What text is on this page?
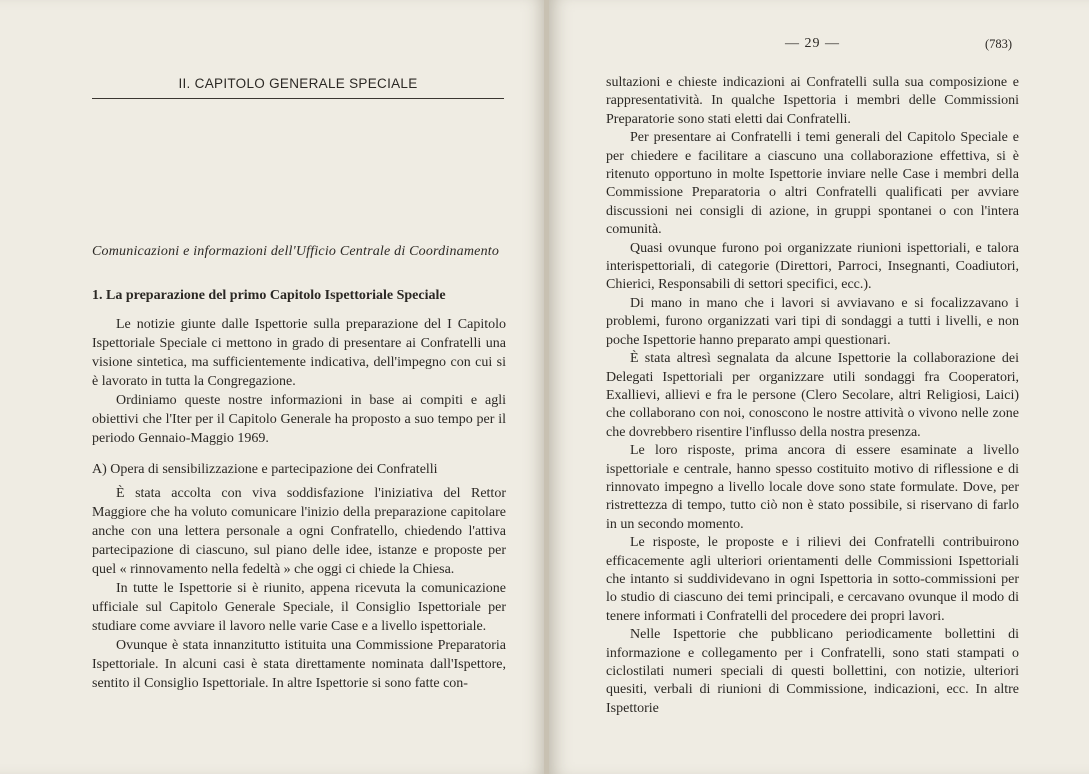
II. CAPITOLO GENERALE SPECIALE
Comunicazioni e informazioni dell'Ufficio Centrale di Coordinamento
1. La preparazione del primo Capitolo Ispettoriale Speciale

Le notizie giunte dalle Ispettorie sulla preparazione del I Capitolo Ispettoriale Speciale ci mettono in grado di presentare ai Confratelli una visione sintetica, ma sufficientemente indicativa, dell'impegno con cui si è lavorato in tutta la Congregazione.

Ordiniamo queste nostre informazioni in base ai compiti e agli obiettivi che l'Iter per il Capitolo Generale ha proposto a suo tempo per il periodo Gennaio-Maggio 1969.

A) Opera di sensibilizzazione e partecipazione dei Confratelli

È stata accolta con viva soddisfazione l'iniziativa del Rettor Maggiore che ha voluto comunicare l'inizio della preparazione capitolare anche con una lettera personale a ogni Confratello, chiedendo l'attiva partecipazione di ciascuno, sul piano delle idee, istanze e proposte per quel « rinnovamento nella fedeltà » che oggi ci chiede la Chiesa.

In tutte le Ispettorie si è riunito, appena ricevuta la comunicazione ufficiale sul Capitolo Generale Speciale, il Consiglio Ispettoriale per studiare come avviare il lavoro nelle varie Case e a livello ispettoriale.

Ovunque è stata innanzitutto istituita una Commissione Preparatoria Ispettoriale. In alcuni casi è stata direttamente nominata dall'Ispettore, sentito il Consiglio Ispettoriale. In altre Ispettorie si sono fatte con-

— 29 —	(783)

sultazioni e chieste indicazioni ai Confratelli sulla sua composizione e rappresentatività. In qualche Ispettoria i membri delle Commissioni Preparatorie sono stati eletti dai Confratelli.

Per presentare ai Confratelli i temi generali del Capitolo Speciale e per chiedere e facilitare a ciascuno una collaborazione effettiva, si è ritenuto opportuno in molte Ispettorie inviare nelle Case i membri della Commissione Preparatoria o altri Confratelli qualificati per avviare discussioni nei consigli di azione, in gruppi spontanei o con l'intera comunità.

Quasi ovunque furono poi organizzate riunioni ispettoriali, e talora interispettoriali, di categorie (Direttori, Parroci, Insegnanti, Coadiutori, Chierici, Responsabili di settori specifici, ecc.).

Di mano in mano che i lavori si avviavano e si focalizzavano i problemi, furono organizzati vari tipi di sondaggi a tutti i livelli, e non poche Ispettorie hanno preparato ampi questionari.

È stata altresì segnalata da alcune Ispettorie la collaborazione dei Delegati Ispettoriali per organizzare utili sondaggi fra Cooperatori, Exallievi, allievi e fra le persone (Clero Secolare, altri Religiosi, Laici) che collaborano con noi, conoscono le nostre attività o vivono nelle zone che dovrebbero risentire l'influsso della nostra presenza.

Le loro risposte, prima ancora di essere esaminate a livello ispettoriale e centrale, hanno spesso costituito motivo di riflessione e di rinnovato impegno a livello locale dove sono state formulate. Dove, per ristrettezza di tempo, tutto ciò non è stato possibile, si riservano di farlo in un secondo momento.

Le risposte, le proposte e i rilievi dei Confratelli contribuirono efficacemente agli ulteriori orientamenti delle Commissioni Ispettoriali che intanto si suddividevano in ogni Ispettoria in sotto-commissioni per lo studio di ciascuno dei temi principali, e cercavano ovunque il modo di tenere informati i Confratelli del procedere dei propri lavori.

Nelle Ispettorie che pubblicano periodicamente bollettini di informazione e collegamento per i Confratelli, sono stati stampati o ciclostilati numeri speciali di questi bollettini, con notizie, ulteriori quesiti, verbali di riunioni di Commissione, indicazioni, ecc. In altre Ispettorie
